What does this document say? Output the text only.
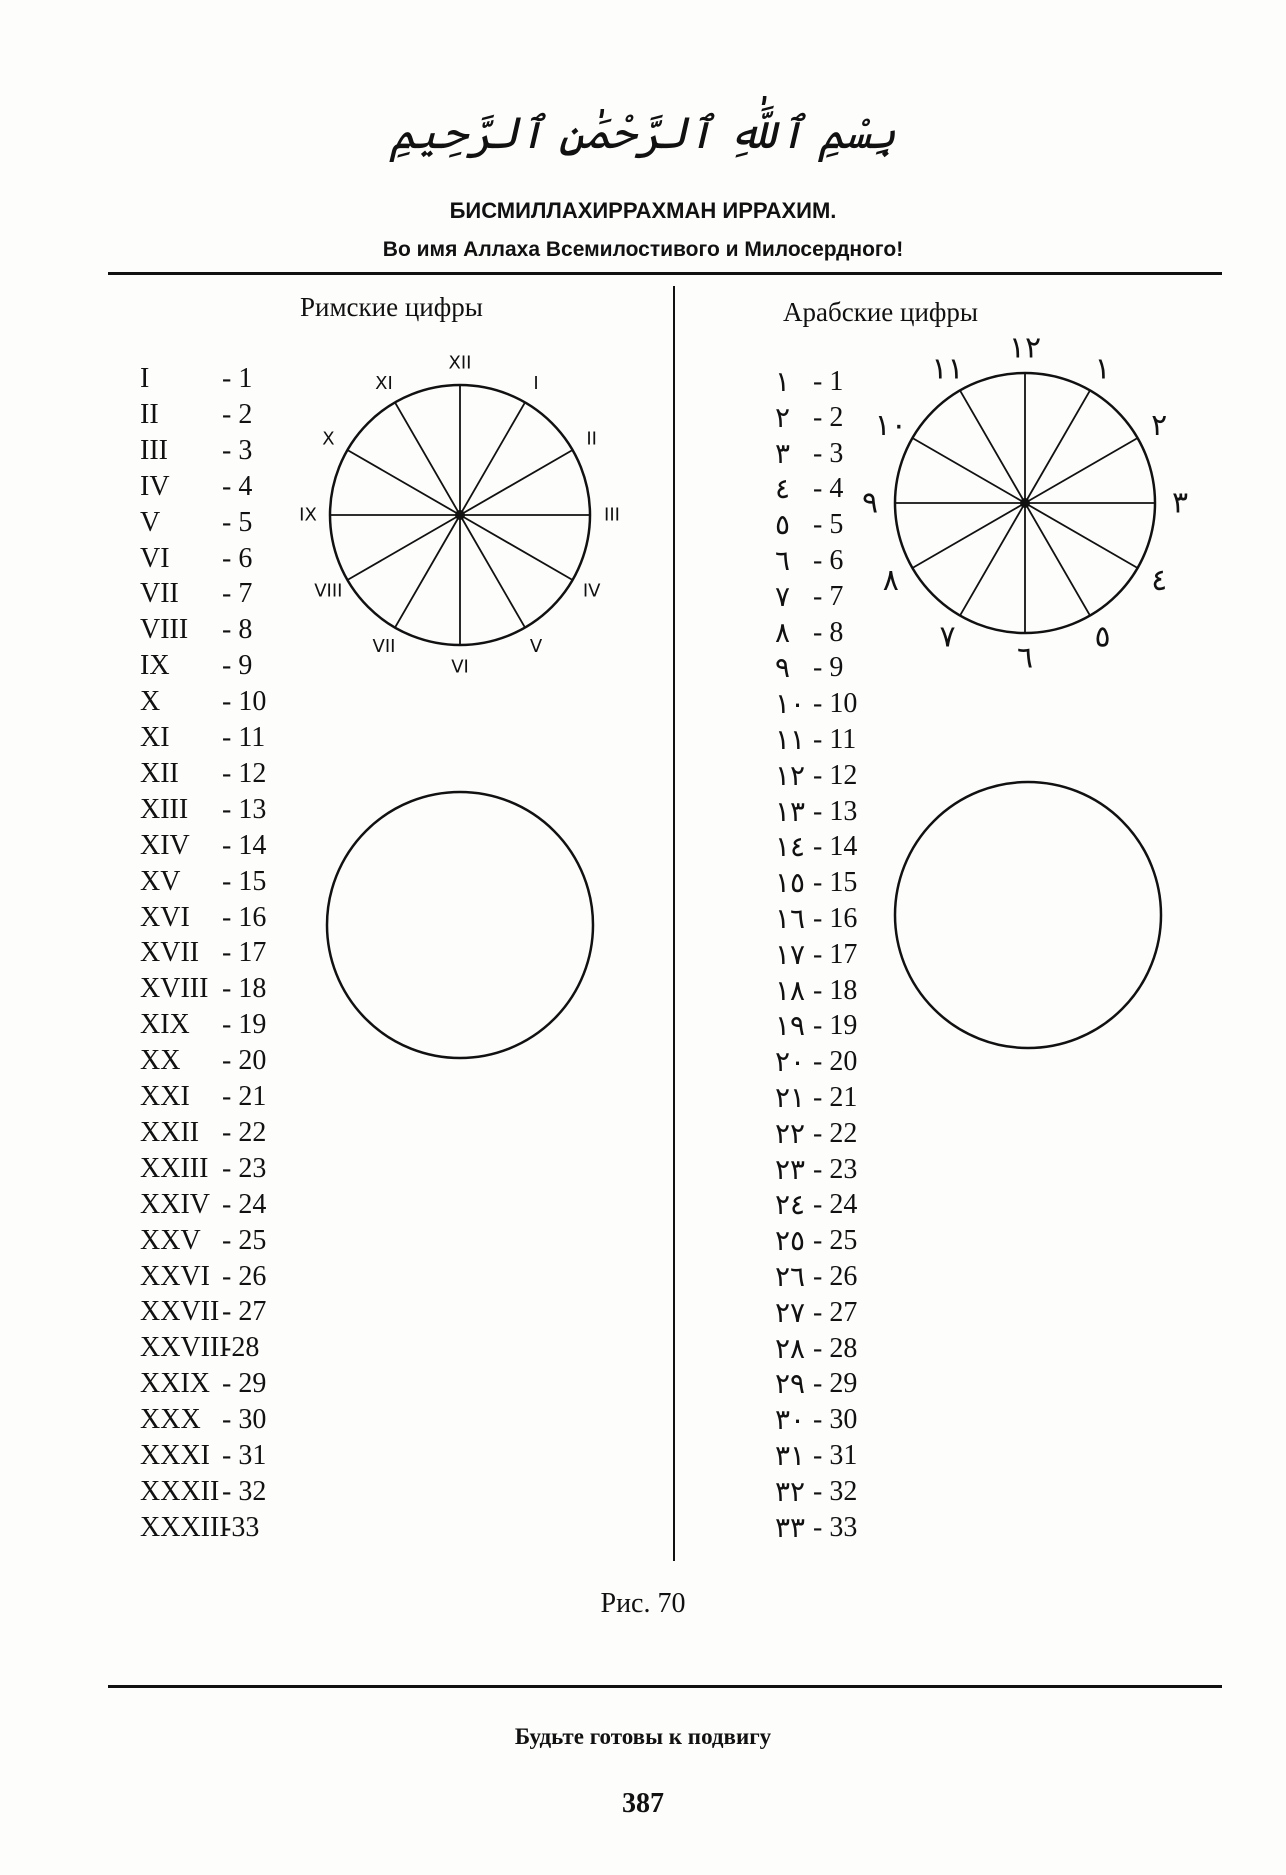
بِسْمِ ٱللَّٰهِ ٱلرَّحْمَٰنِ ٱلرَّحِيمِ
БИСМИЛЛАХИРРАХМАН ИРРАХИМ.
Во имя Аллаха Всемилостивого и Милосердного!
Римские цифры
I	- 1
II - 2
III - 3
IV - 4
V - 5
VI - 6
VII - 7
VIII - 8
IX - 9
X - 10
XI - 11
XII - 12
XIII - 13
XIV - 14
XV - 15
XVI - 16
XVII - 17
XVIII - 18
XIX - 19
XX - 20
XXI - 21
XXII - 22
XXIII - 23
XXIV - 24
XXV - 25
XXVI - 26
XXVII - 27
XXVIII
-28
XXIX - 29
XXX - 30
XXXI - 31
XXXII - 32
XXXIII
-33
XII
I
II
III
IV
V
VI
VII
VIII
IX
X
XI
Арабские цифры
١ - 1
٢ - 2
٣ - 3
٤ - 4
٥ - 5
٦ - 6
٧ - 7
٨ - 8
٩ - 9
١٠ - 10
١١ - 11
١٢ - 12
١٣ - 13
١٤ - 14
١٥ - 15
١٦ - 16
١٧ - 17
١٨ - 18
١٩ - 19
٢٠ - 20
٢١ - 21
٢٢ - 22
٢٣ - 23
٢٤ - 24
٢٥ - 25
٢٦ - 26
٢٧ - 27
٢٨ - 28
٢٩ - 29
٣٠ - 30
٣١ - 31
٣٢ - 32
٣٣ - 33
١٢
١
٢
٣
٤
٥
٦
٧
٨
٩
١٠
١١
Рис. 70
Будьте готовы к подвигу
387
